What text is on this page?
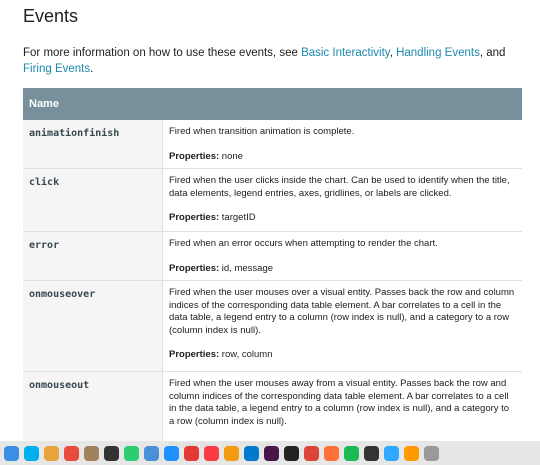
Events
For more information on how to use these events, see Basic Interactivity, Handling Events, and Firing Events.
Name
animationfinish	Fired when transition animation is complete.

Properties: none

click	Fired when the user clicks inside the chart. Can be used to identify when the title, data elements, legend entries, axes, gridlines, or labels are clicked.

Properties: targetID

error	Fired when an error occurs when attempting to render the chart.

Properties: id, message

onmouseover	Fired when the user mouses over a visual entity. Passes back the row and column indices of the corresponding data table element. A bar correlates to a cell in the data table, a legend entry to a column (row index is null), and a category to a row (column index is null).

Properties: row, column

onmouseout	Fired when the user mouses away from a visual entity. Passes back the row and column indices of the corresponding data table element. A bar correlates to a cell in the data table, a legend entry to a column (row index is null), and a category to a row (column index is null).
